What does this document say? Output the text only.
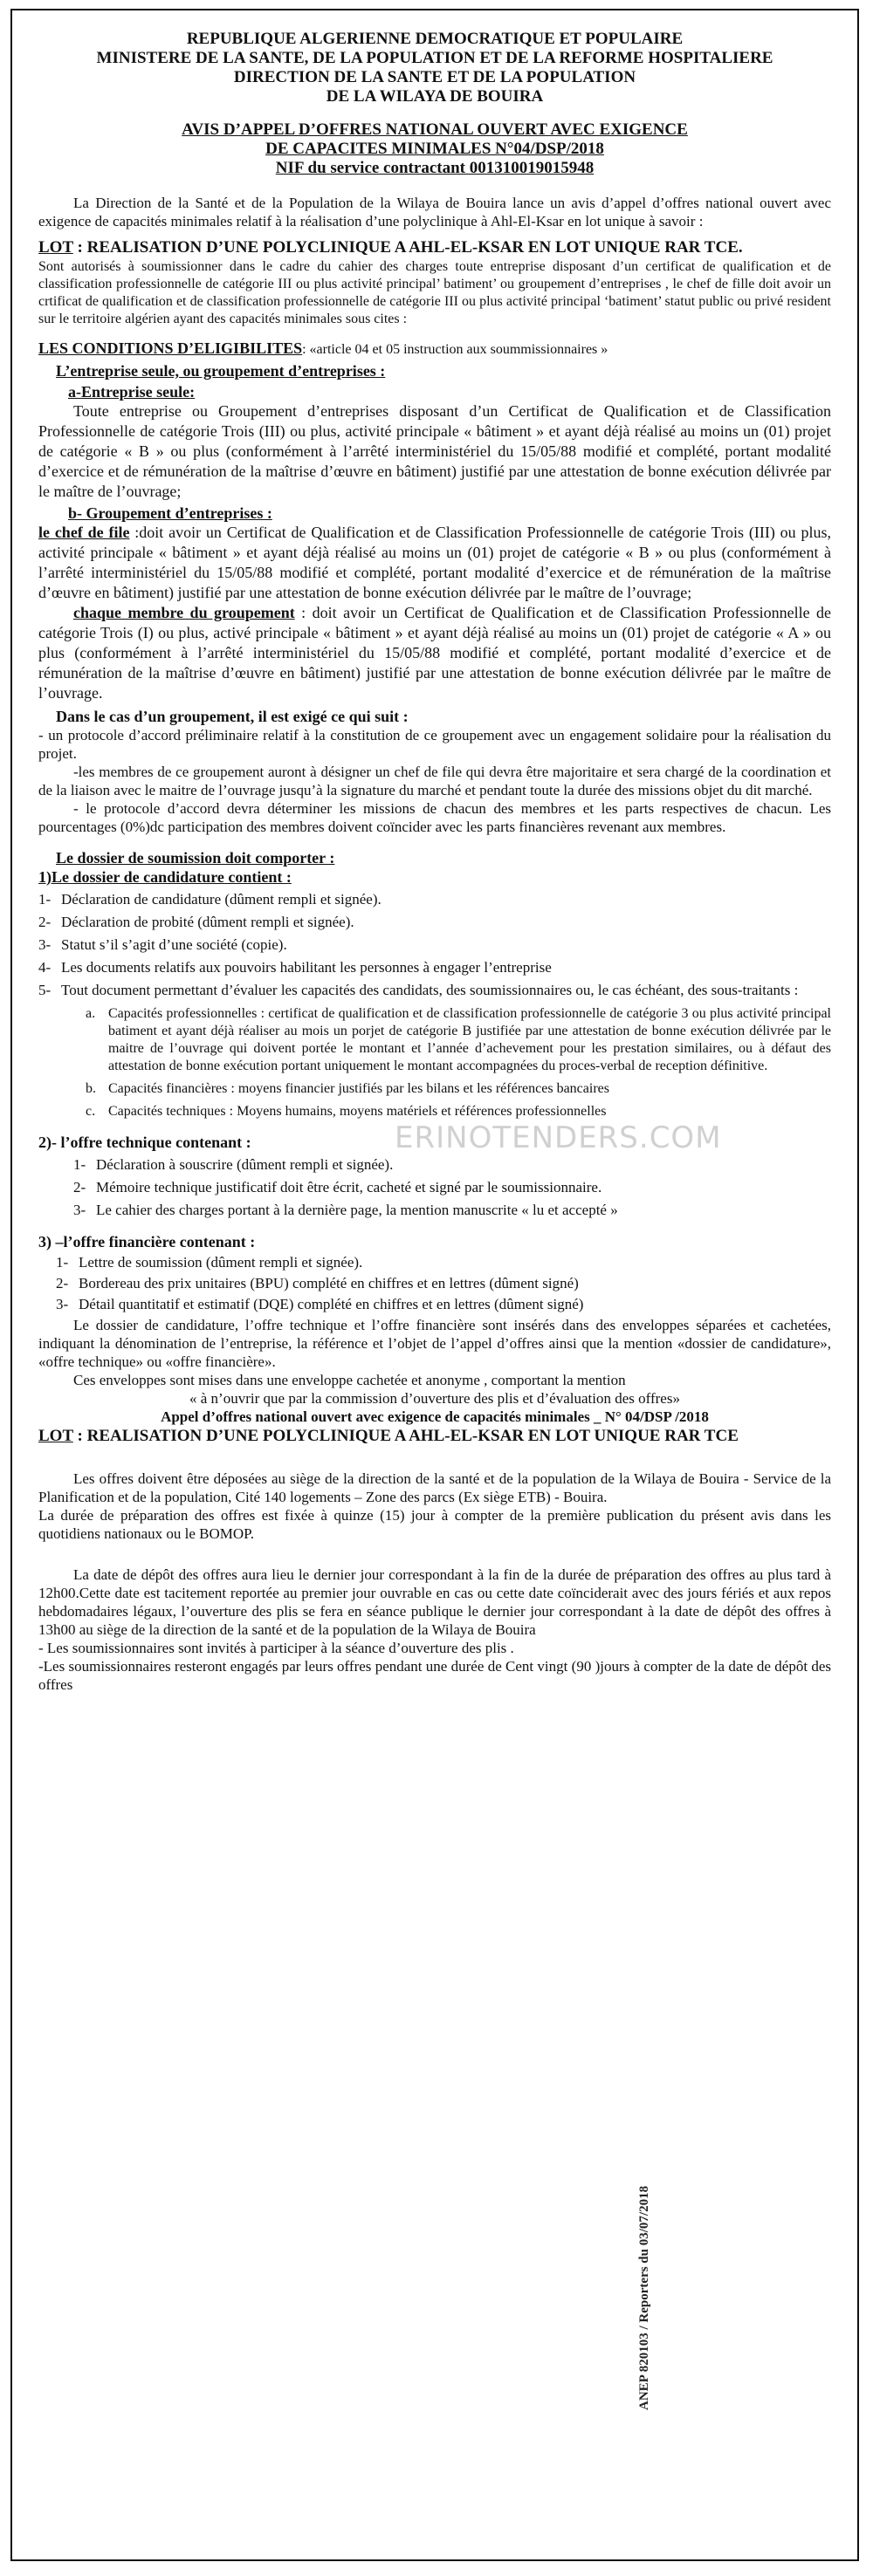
REPUBLIQUE ALGERIENNE DEMOCRATIQUE ET POPULAIRE
MINISTERE DE LA SANTE, DE LA POPULATION ET DE LA REFORME HOSPITALIERE
DIRECTION DE LA SANTE ET DE LA POPULATION
DE LA WILAYA DE BOUIRA
AVIS D’APPEL D’OFFRES NATIONAL OUVERT AVEC EXIGENCE
DE CAPACITES MINIMALES N°04/DSP/2018
NIF du service contractant 001310019015948

La Direction de la Santé et de la Population de la Wilaya de Bouira lance un avis d’appel d’offres national ouvert avec exigence de capacités minimales relatif à la réalisation d’une polyclinique à Ahl-El-Ksar en lot unique à savoir :

LOT : REALISATION D’UNE POLYCLINIQUE A AHL-EL-KSAR EN LOT UNIQUE RAR TCE.

Sont autorisés à soumissionner dans le cadre du cahier des charges toute entreprise disposant d’un certificat de qualification et de classification professionnelle de catégorie III ou plus activité principal’ batiment’ ou groupement d’entreprises , le chef de fille doit avoir un crtificat de qualification et de classification professionnelle de catégorie III ou plus activité principal ‘batiment’ statut public ou privé resident sur le territoire algérien ayant des capacités minimales sous cites :

LES CONDITIONS D’ELIGIBILITES: «article 04 et 05 instruction aux soummissionnaires »
L’entreprise seule, ou groupement d’entreprises :
a-Entreprise seule:

Toute entreprise ou Groupement d’entreprises disposant d’un Certificat de Qualification et de Classification Professionnelle de catégorie Trois (III) ou plus, activité principale « bâtiment » et ayant déjà réalisé au moins un (01) projet de catégorie « B » ou plus (conformément à l’arrêté interministériel du 15/05/88 modifié et complété, portant modalité d’exercice et de rémunération de la maîtrise d’œuvre en bâtiment) justifié par une attestation de bonne exécution délivrée par le maître de l’ouvrage;

b- Groupement d’entreprises :

le chef de file :doit avoir un Certificat de Qualification et de Classification Professionnelle de catégorie Trois (III) ou plus, activité principale « bâtiment » et ayant déjà réalisé au moins un (01) projet de catégorie « B » ou plus (conformément à l’arrêté interministériel du 15/05/88 modifié et complété, portant modalité d’exercice et de rémunération de la maîtrise d’œuvre en bâtiment) justifié par une attestation de bonne exécution délivrée par le maître de l’ouvrage;

chaque membre du groupement : doit avoir un Certificat de Qualification et de Classification Professionnelle de catégorie Trois (I) ou plus, activé principale « bâtiment » et ayant déjà réalisé au moins un (01) projet de catégorie « A » ou plus (conformément à l’arrêté interministériel du 15/05/88 modifié et complété, portant modalité d’exercice et de rémunération de la maîtrise d’œuvre en bâtiment) justifié par une attestation de bonne exécution délivrée par le maître de l’ouvrage.

Dans le cas d’un groupement, il est exigé ce qui suit :

- un protocole d’accord préliminaire relatif à la constitution de ce groupement avec un engagement solidaire pour la réalisation du projet.

-les membres de ce groupement auront à désigner un chef de file qui devra être majoritaire et sera chargé de la coordination et de la liaison avec le maitre de l’ouvrage jusqu’à la signature du marché et pendant toute la durée des missions objet du dit marché.

- le protocole d’accord devra déterminer les missions de chacun des membres et les parts respectives de chacun. Les pourcentages (0%)dc participation des membres doivent coïncider avec les parts financières revenant aux membres.

Le dossier de soumission doit comporter :
1)Le dossier de candidature contient :
1- Déclaration de candidature (dûment rempli et signée).
2- Déclaration de probité (dûment rempli et signée).
3- Statut s’il s’agit d’une société (copie).
4- Les documents relatifs aux pouvoirs habilitant les personnes à engager l’entreprise
5- Tout document permettant d’évaluer les capacités des candidats, des soumissionnaires ou, le cas échéant, des sous-traitants :
a. Capacités professionnelles : certificat de qualification et de classification professionnelle de catégorie 3 ou plus activité principal batiment et ayant déjà réaliser au mois un porjet de catégorie B justifiée par une attestation de bonne exécution délivrée par le maitre de l’ouvrage qui doivent portée le montant et l’année d’achevement pour les prestation similaires, ou à défaut des attestation de bonne exécution portant uniquement le montant accompagnées du proces-verbal de reception définitive.
b. Capacités financières : moyens financier justifiés par les bilans et les références bancaires
c. Capacités techniques : Moyens humains, moyens matériels et références professionnelles
2)- l’offre technique contenant :
1- Déclaration à souscrire (dûment rempli et signée).
2- Mémoire technique justificatif doit être écrit, cacheté et signé par le soumissionnaire.
3- Le cahier des charges portant à la dernière page, la mention manuscrite « lu et accepté »
3) –l’offre financière contenant :
1- Lettre de soumission (dûment rempli et signée).
2- Bordereau des prix unitaires (BPU) complété en chiffres et en lettres (dûment signé)
3- Détail quantitatif et estimatif (DQE) complété en chiffres et en lettres (dûment signé)

Le dossier de candidature, l’offre technique et l’offre financière sont insérés dans des enveloppes séparées et cachetées, indiquant la dénomination de l’entreprise, la référence et l’objet de l’appel d’offres ainsi que la mention «dossier de candidature», «offre technique» ou «offre financière».

Ces enveloppes sont mises dans une enveloppe cachetée et anonyme , comportant la mention

« à n’ouvrir que par la commission d’ouverture des plis et d’évaluation des offres»

Appel d’offres national ouvert avec exigence de capacités minimales _ N° 04/DSP /2018

LOT : REALISATION D’UNE POLYCLINIQUE A AHL-EL-KSAR EN LOT UNIQUE RAR TCE

Les offres doivent être déposées au siège de la direction de la santé et de la population de la Wilaya de Bouira - Service de la Planification et de la population, Cité 140 logements – Zone des parcs (Ex siège ETB) - Bouira.

La durée de préparation des offres est fixée à quinze (15) jour à compter de la première publication du présent avis dans les quotidiens nationaux ou le BOMOP.

La date de dépôt des offres aura lieu le dernier jour correspondant à la fin de la durée de préparation des offres au plus tard à 12h00.Cette date est tacitement reportée au premier jour ouvrable en cas ou cette date coïnciderait avec des jours fériés et aux repos hebdomadaires légaux, l’ouverture des plis se fera en séance publique le dernier jour correspondant à la date de dépôt des offres à 13h00 au siège de la direction de la santé et de la population de la Wilaya de Bouira

- Les soumissionnaires sont invités à participer à la séance d’ouverture des plis .

-Les soumissionnaires resteront engagés par leurs offres pendant une durée de Cent vingt (90 )jours à compter de la date de dépôt des offres

ERINOTENDERS.COM
ANEP 820103 / Reporters du 03/07/2018
